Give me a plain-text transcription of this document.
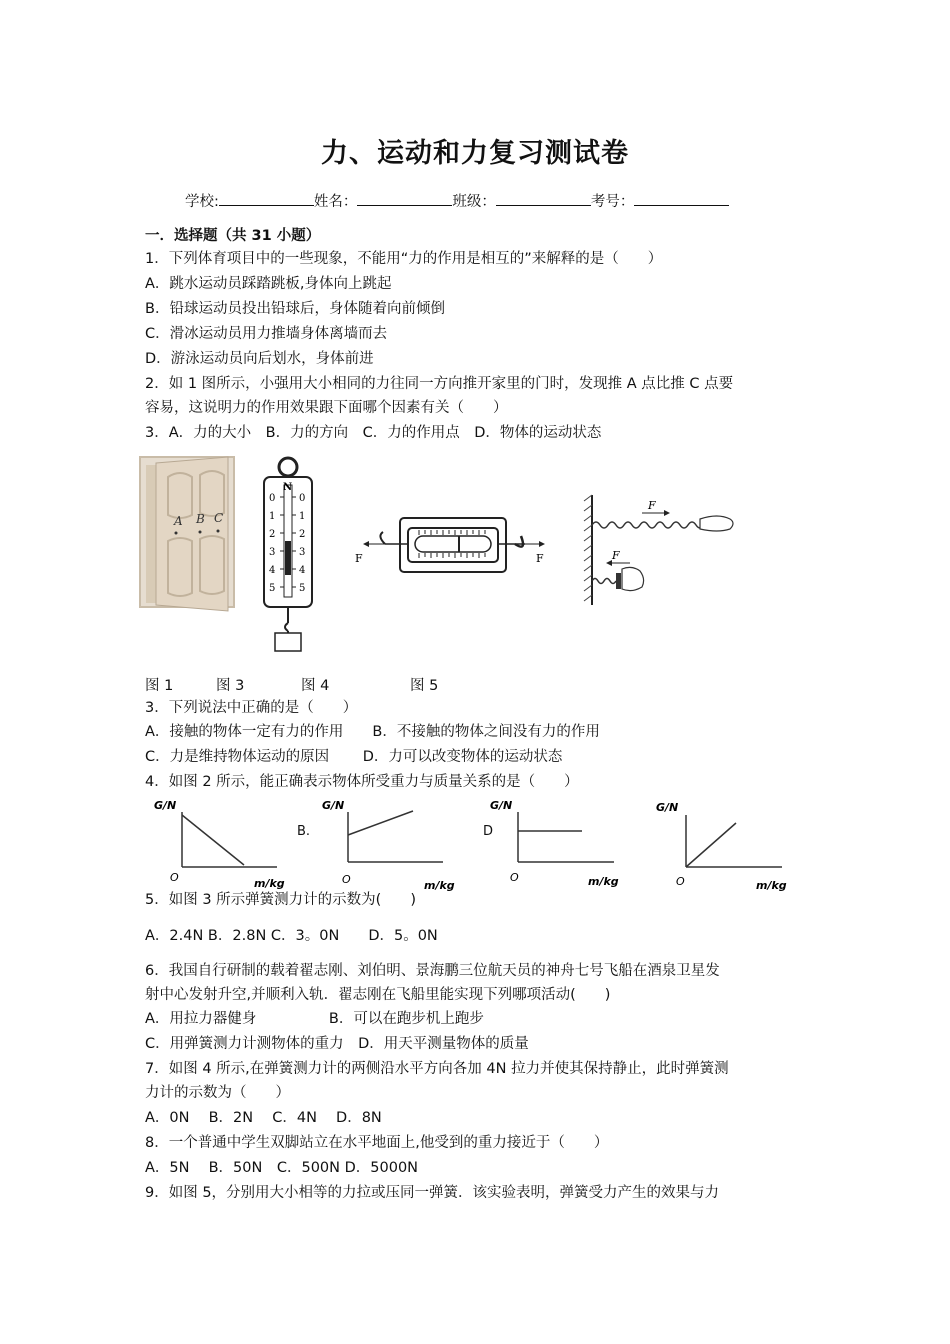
力、运动和力复习测试卷
学校:	姓名：	班级：	考号：
一．选择题（共 31 小题）
1．下列体育项目中的一些现象，不能用“力的作用是相互的”来解释的是（　　）
A．跳水运动员踩踏跳板,身体向上跳起
B．铅球运动员投出铅球后，身体随着向前倾倒
C．滑冰运动员用力推墙身体离墙而去
D．游泳运动员向后划水，身体前进
2．如 1 图所示，小强用大小相同的力往同一方向推开家里的门时，发现推 A 点比推 C 点要
容易，这说明力的作用效果跟下面哪个因素有关（　　）
3．A．力的大小　B．力的方向　C．力的作用点　D．物体的运动状态
A B C
N
0
1
2
3
4
5
0
1
2
3
4
5
F	F
F
F
图 1	图 3	图 4	图 5
3．下列说法中正确的是（　　）
A．接触的物体一定有力的作用　　B．不接触的物体之间没有力的作用
C．力是维持物体运动的原因　　 D．力可以改变物体的运动状态
4．如图 2 所示，能正确表示物体所受重力与质量关系的是（　　）
G/N
O	m/kg
B.
G/N
O	m/kg
D
G/N
O	m/kg
G/N
O	m/kg
5．如图 3 所示弹簧测力计的示数为(　　)
A．2.4N B．2.8N C．3。0N　　D．5。0N
6．我国自行研制的载着翟志刚、刘伯明、景海鹏三位航天员的神舟七号飞船在酒泉卫星发
射中心发射升空,并顺利入轨．翟志刚在飞船里能实现下列哪项活动(　　)
A．用拉力器健身　　　　　B．可以在跑步机上跑步
C．用弹簧测力计测物体的重力　D．用天平测量物体的质量
7．如图 4 所示,在弹簧测力计的两侧沿水平方向各加 4N 拉力并使其保持静止，此时弹簧测
力计的示数为（　　）
A．0N　 B．2N　 C．4N　 D．8N
8．一个普通中学生双脚站立在水平地面上,他受到的重力接近于（　　）
A．5N　 B．50N　C．500N D．5000N
9．如图 5，分别用大小相等的力拉或压同一弹簧．该实验表明，弹簧受力产生的效果与力
